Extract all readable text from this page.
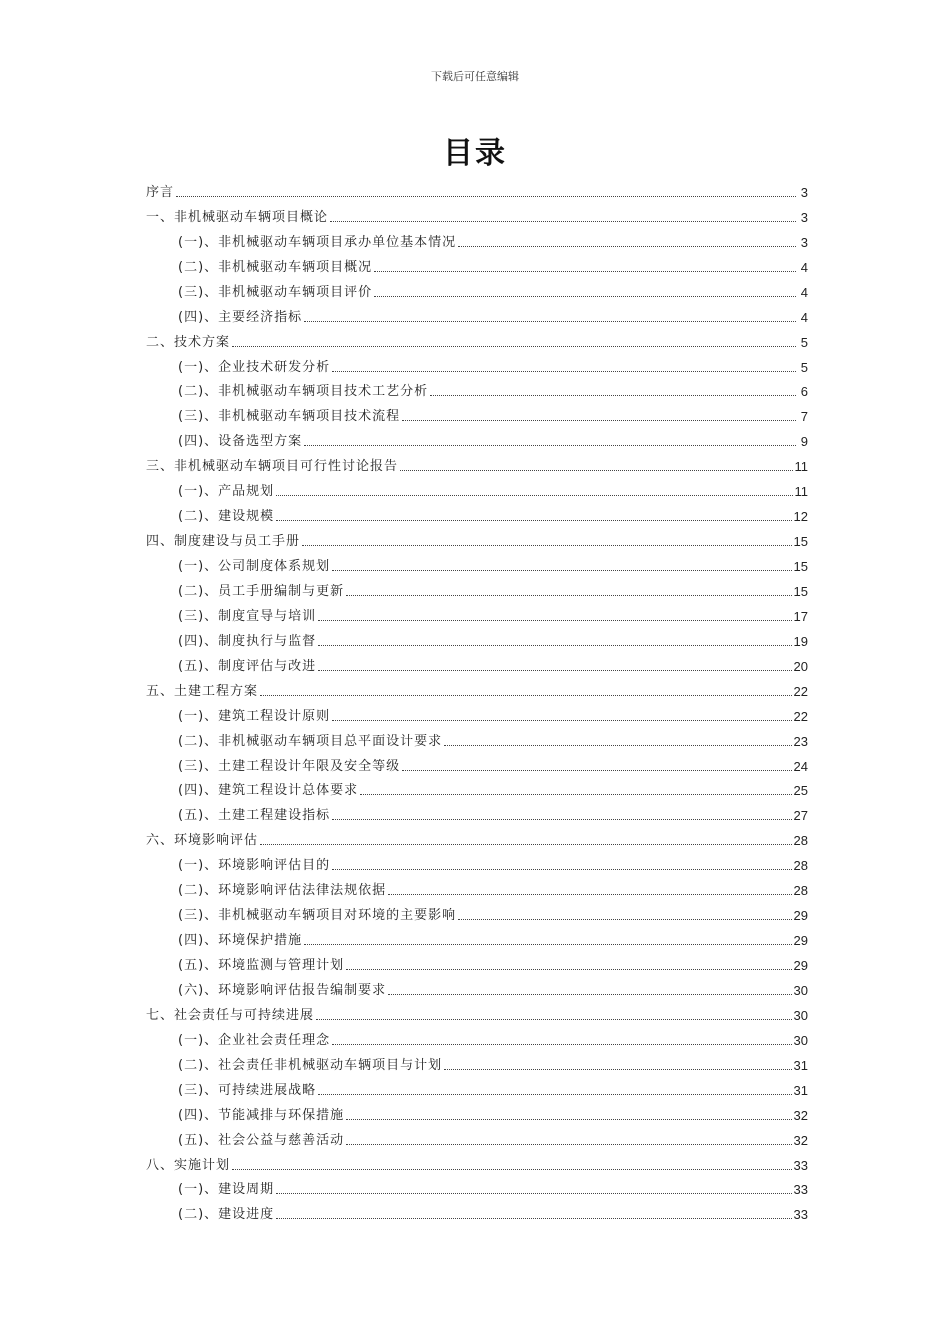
下载后可任意编辑
目录
序言	3
一、非机械驱动车辆项目概论	3
(一)、非机械驱动车辆项目承办单位基本情况	3
(二)、非机械驱动车辆项目概况	4
(三)、非机械驱动车辆项目评价	4
(四)、主要经济指标	4
二、技术方案	5
(一)、企业技术研发分析	5
(二)、非机械驱动车辆项目技术工艺分析	6
(三)、非机械驱动车辆项目技术流程	7
(四)、设备选型方案	9
三、非机械驱动车辆项目可行性讨论报告	11
(一)、产品规划	11
(二)、建设规模	12
四、制度建设与员工手册	15
(一)、公司制度体系规划	15
(二)、员工手册编制与更新	15
(三)、制度宣导与培训	17
(四)、制度执行与监督	19
(五)、制度评估与改进	20
五、土建工程方案	22
(一)、建筑工程设计原则	22
(二)、非机械驱动车辆项目总平面设计要求	23
(三)、土建工程设计年限及安全等级	24
(四)、建筑工程设计总体要求	25
(五)、土建工程建设指标	27
六、环境影响评估	28
(一)、环境影响评估目的	28
(二)、环境影响评估法律法规依据	28
(三)、非机械驱动车辆项目对环境的主要影响	29
(四)、环境保护措施	29
(五)、环境监测与管理计划	29
(六)、环境影响评估报告编制要求	30
七、社会责任与可持续进展	30
(一)、企业社会责任理念	30
(二)、社会责任非机械驱动车辆项目与计划	31
(三)、可持续进展战略	31
(四)、节能减排与环保措施	32
(五)、社会公益与慈善活动	32
八、实施计划	33
(一)、建设周期	33
(二)、建设进度	33
